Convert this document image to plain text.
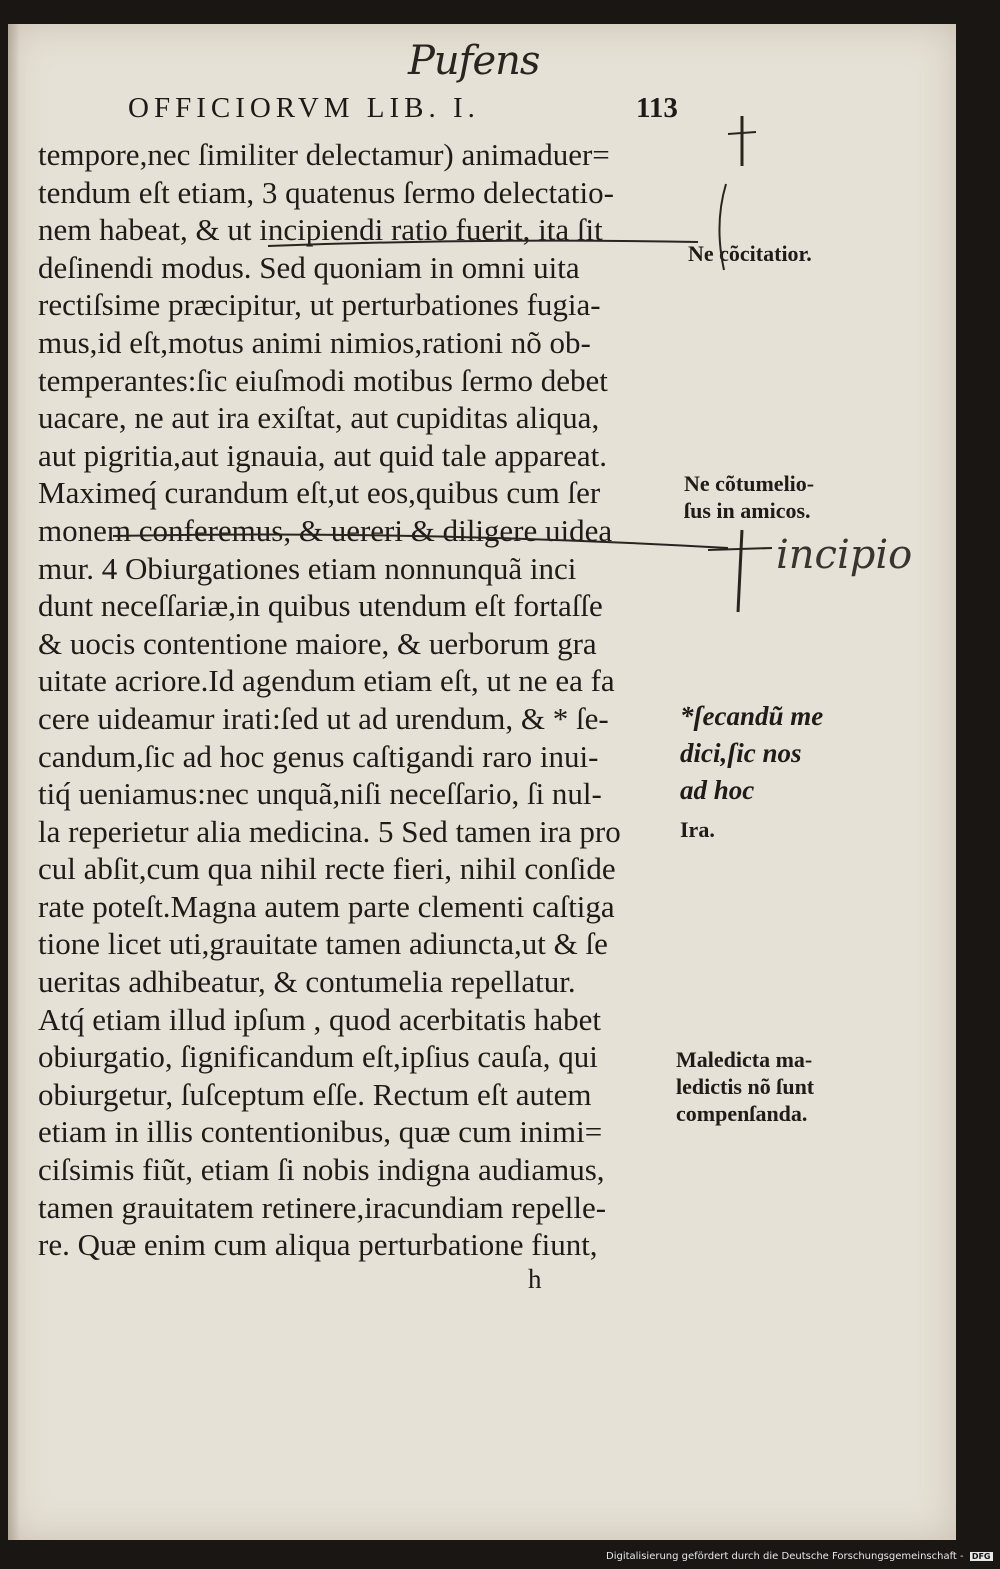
Pufens
OFFICIORVM LIB. I.	113
tempore,nec ſimiliter delectamur) animaduer=
tendum eſt etiam, 3 quatenus ſermo delectatio-
nem habeat, & ut incipiendi ratio fuerit, ita ſit
deſinendi modus. Sed quoniam in omni uita
rectiſsime præcipitur, ut perturbationes fugia-
mus,id eſt,motus animi nimios,rationi nõ ob-
temperantes:ſic eiuſmodi motibus ſermo debet
uacare, ne aut ira exiſtat, aut cupiditas aliqua,
aut pigritia,aut ignauia, aut quid tale appareat.
Maximeq́ curandum eſt,ut eos,quibus cum ſer
monem conferemus, & uereri & diligere uidea
mur. 4 Obiurgationes etiam nonnunquã inci
dunt neceſſariæ,in quibus utendum eſt fortaſſe
& uocis contentione maiore, & uerborum gra
uitate acriore.Id agendum etiam eſt, ut ne ea fa
cere uideamur irati:ſed ut ad urendum, & * ſe-
candum,ſic ad hoc genus caſtigandi raro inui-
tiq́ ueniamus:nec unquã,niſi neceſſario, ſi nul-
la reperietur alia medicina. 5 Sed tamen ira pro
cul abſit,cum qua nihil recte fieri, nihil conſide
rate poteſt.Magna autem parte clementi caſtiga
tione licet uti,grauitate tamen adiuncta,ut & ſe
ueritas adhibeatur, & contumelia repellatur.
Atq́ etiam illud ipſum , quod acerbitatis habet
obiurgatio, ſignificandum eſt,ipſius cauſa, qui
obiurgetur, ſuſceptum eſſe. Rectum eſt autem
etiam in illis contentionibus, quæ cum inimi=
ciſsimis fiũt, etiam ſi nobis indigna audiamus,
tamen grauitatem retinere,iracundiam repelle-
re. Quæ enim cum aliqua perturbatione fiunt,
h
Ne cõcitatior.
Ne cõtumelio-
ſus in amicos.
*ſecandũ me
dici,ſic nos
ad hoc
Ira.
Maledicta ma-
ledictis nõ ſunt
compenſanda.
incipio
Digitalisierung gefördert durch die Deutsche Forschungsgemeinschaft - DFG
